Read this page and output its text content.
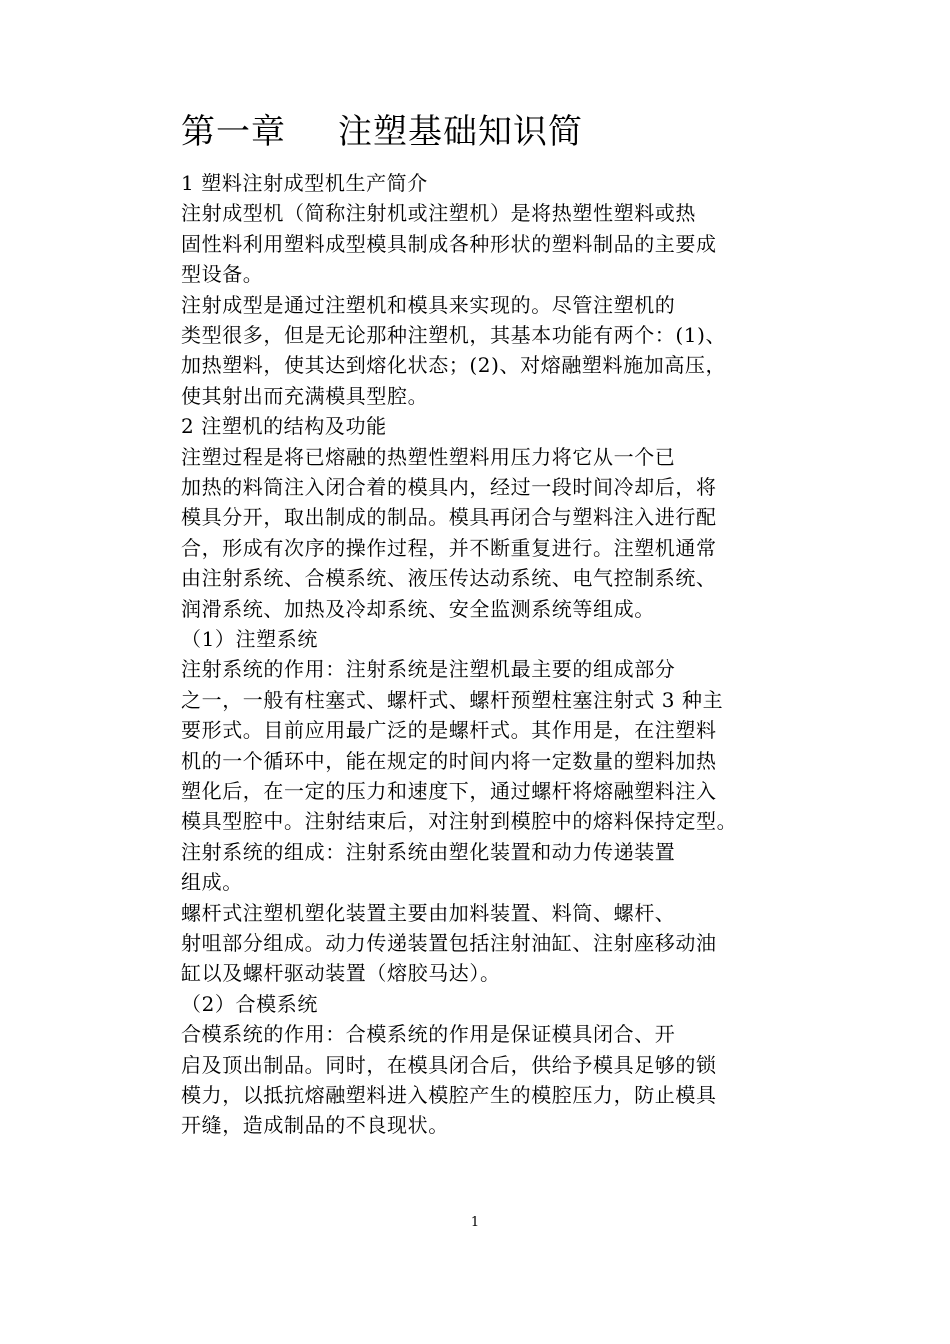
第一章 注塑基础知识简
1 塑料注射成型机生产简介
注射成型机（简称注射机或注塑机）是将热塑性塑料或热
固性料利用塑料成型模具制成各种形状的塑料制品的主要成
型设备。
注射成型是通过注塑机和模具来实现的。尽管注塑机的
类型很多，但是无论那种注塑机，其基本功能有两个：(1)、
加热塑料，使其达到熔化状态；(2)、对熔融塑料施加高压，
使其射出而充满模具型腔。
2 注塑机的结构及功能
注塑过程是将已熔融的热塑性塑料用压力将它从一个已
加热的料筒注入闭合着的模具内，经过一段时间冷却后，将
模具分开，取出制成的制品。模具再闭合与塑料注入进行配
合，形成有次序的操作过程，并不断重复进行。注塑机通常
由注射系统、合模系统、液压传达动系统、电气控制系统、
润滑系统、加热及冷却系统、安全监测系统等组成。
（1）注塑系统
注射系统的作用：注射系统是注塑机最主要的组成部分
之一，一般有柱塞式、螺杆式、螺杆预塑柱塞注射式 3 种主
要形式。目前应用最广泛的是螺杆式。其作用是，在注塑料
机的一个循环中，能在规定的时间内将一定数量的塑料加热
塑化后，在一定的压力和速度下，通过螺杆将熔融塑料注入
模具型腔中。注射结束后，对注射到模腔中的熔料保持定型。
注射系统的组成：注射系统由塑化装置和动力传递装置
组成。
螺杆式注塑机塑化装置主要由加料装置、料筒、螺杆、
射咀部分组成。动力传递装置包括注射油缸、注射座移动油
缸以及螺杆驱动装置（熔胶马达）。
（2）合模系统
合模系统的作用：合模系统的作用是保证模具闭合、开
启及顶出制品。同时，在模具闭合后，供给予模具足够的锁
模力，以抵抗熔融塑料进入模腔产生的模腔压力，防止模具
开缝，造成制品的不良现状。
1
